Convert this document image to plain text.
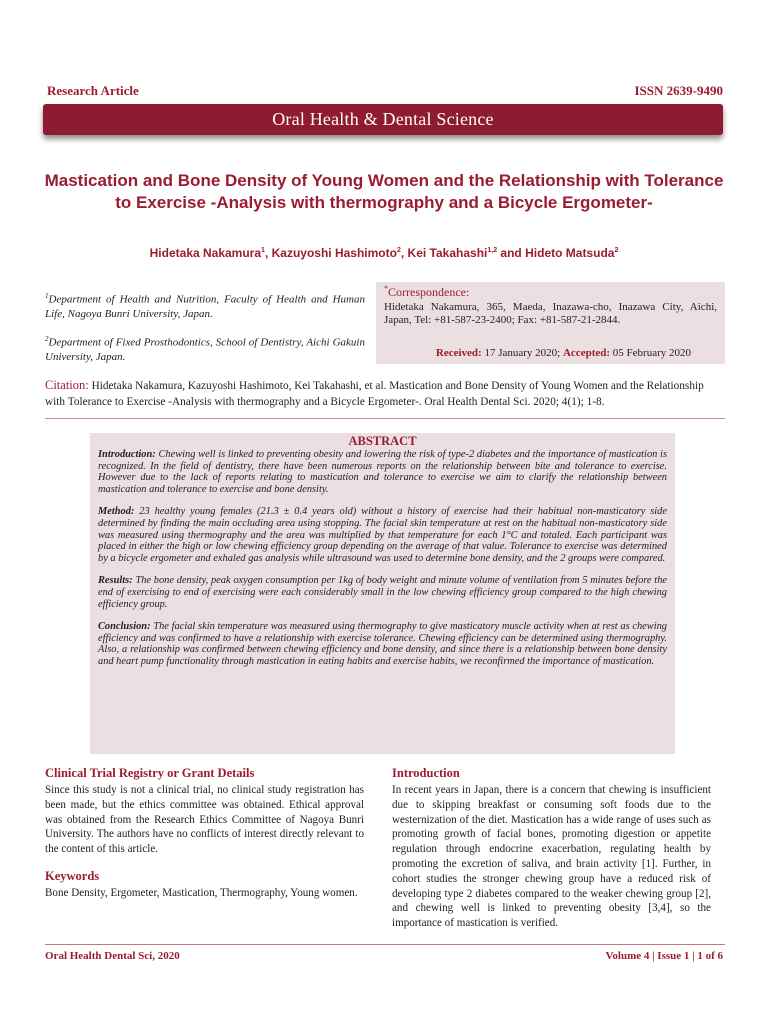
Research Article	ISSN 2639-9490
Oral Health & Dental Science
Mastication and Bone Density of Young Women and the Relationship with Tolerance to Exercise -Analysis with thermography and a Bicycle Ergometer-
Hidetaka Nakamura$^1$, Kazuyoshi Hashimoto$^2$, Kei Takahashi$^{1,2}$ and Hideto Matsuda$^2$
$^1$Department of Health and Nutrition, Faculty of Health and Human Life, Nagoya Bunri University, Japan.
$^2$Department of Fixed Prosthodontics, School of Dentistry, Aichi Gakuin University, Japan.
*Correspondence:
Hidetaka Nakamura, 365, Maeda, Inazawa-cho, Inazawa City, Aichi, Japan, Tel: +81-587-23-2400; Fax: +81-587-21-2844.
Received: 17 January 2020; Accepted: 05 February 2020
Citation: Hidetaka Nakamura, Kazuyoshi Hashimoto, Kei Takahashi, et al. Mastication and Bone Density of Young Women and the Relationship with Tolerance to Exercise -Analysis with thermography and a Bicycle Ergometer-. Oral Health Dental Sci. 2020; 4(1); 1-8.
ABSTRACT

Introduction: Chewing well is linked to preventing obesity and lowering the risk of type-2 diabetes and the importance of mastication is recognized. In the field of dentistry, there have been numerous reports on the relationship between bite and tolerance to exercise. However due to the lack of reports relating to mastication and tolerance to exercise we aim to clarify the relationship between mastication and tolerance to exercise and bone density.

Method: 23 healthy young females (21.3 ± 0.4 years old) without a history of exercise had their habitual non-masticatory side determined by finding the main occluding area using stopping. The facial skin temperature at rest on the habitual non-masticatory side was measured using thermography and the area was multiplied by that temperature for each 1°C and totaled. Each participant was placed in either the high or low chewing efficiency group depending on the average of that value. Tolerance to exercise was determined by a bicycle ergometer and exhaled gas analysis while ultrasound was used to determine bone density, and the 2 groups were compared.

Results: The bone density, peak oxygen consumption per 1kg of body weight and minute volume of ventilation from 5 minutes before the end of exercising to end of exercising were each considerably small in the low chewing efficiency group compared to the high chewing efficiency group.

Conclusion: The facial skin temperature was measured using thermography to give masticatory muscle activity when at rest as chewing efficiency and was confirmed to have a relationship with exercise tolerance. Chewing efficiency can be determined using thermography. Also, a relationship was confirmed between chewing efficiency and bone density, and since there is a relationship between bone density and heart pump functionality through mastication in eating habits and exercise habits, we reconfirmed the importance of mastication.

Clinical Trial Registry or Grant Details

Since this study is not a clinical trial, no clinical study registration has been made, but the ethics committee was obtained. Ethical approval was obtained from the Research Ethics Committee of Nagoya Bunri University. The authors have no conflicts of interest directly relevant to the content of this article.

Keywords

Bone Density, Ergometer, Mastication, Thermography, Young women.

Introduction

In recent years in Japan, there is a concern that chewing is insufficient due to skipping breakfast or consuming soft foods due to the westernization of the diet. Mastication has a wide range of uses such as promoting growth of facial bones, promoting digestion or appetite regulation through endocrine exacerbation, regulating health by promoting the excretion of saliva, and brain activity [1]. Further, in cohort studies the stronger chewing group have a reduced risk of developing type 2 diabetes compared to the weaker chewing group [2], and chewing well is linked to preventing obesity [3,4], so the importance of mastication is verified.

Oral Health Dental Sci, 2020	Volume 4 | Issue 1 | 1 of 6
